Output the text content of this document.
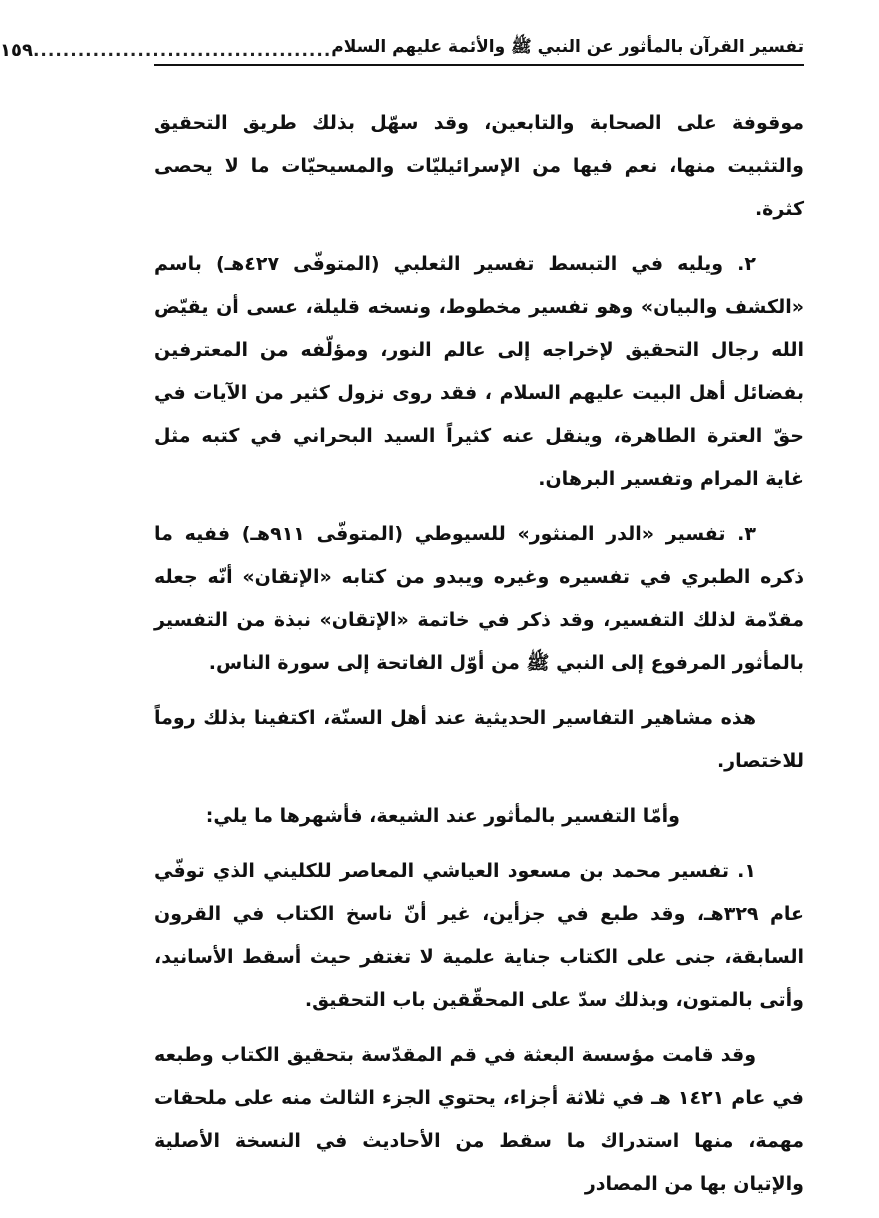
تفسير القرآن بالمأثور عن النبي ﷺ والأئمة عليهم السلام
........................................
١٥٩

موقوفة على الصحابة والتابعين، وقد سهّل بذلك طريق التحقيق والتثبيت منها، نعم فيها من الإسرائيليّات والمسيحيّات ما لا يحصى كثرة.

٢. ويليه في التبسط تفسير الثعلبي (المتوفّى ٤٢٧هـ) باسم «الكشف والبيان» وهو تفسير مخطوط، ونسخه قليلة، عسى أن يقيّض الله رجال التحقيق لإخراجه إلى عالم النور، ومؤلّفه من المعترفين بفضائل أهل البيت عليهم السلام ، فقد روى نزول كثير من الآيات في حقّ العترة الطاهرة، وينقل عنه كثيراً السيد البحراني في كتبه مثل غاية المرام وتفسير البرهان.

٣. تفسير «الدر المنثور» للسيوطي (المتوفّى ٩١١هـ) ففيه ما ذكره الطبري في تفسيره وغيره ويبدو من كتابه «الإتقان» أنّه جعله مقدّمة لذلك التفسير، وقد ذكر في خاتمة «الإتقان» نبذة من التفسير بالمأثور المرفوع إلى النبي ﷺ من أوّل الفاتحة إلى سورة الناس.

هذه مشاهير التفاسير الحديثية عند أهل السنّة، اكتفينا بذلك روماً للاختصار.

وأمّا التفسير بالمأثور عند الشيعة، فأشهرها ما يلي:

١. تفسير محمد بن مسعود العياشي المعاصر للكليني الذي توفّي عام ٣٢٩هـ، وقد طبع في جزأين، غير أنّ ناسخ الكتاب في القرون السابقة، جنى على الكتاب جناية علمية لا تغتفر حيث أسقط الأسانيد، وأتى بالمتون، وبذلك سدّ على المحقّقين باب التحقيق.

وقد قامت مؤسسة البعثة في قم المقدّسة بتحقيق الكتاب وطبعه في عام ١٤٢١ هـ في ثلاثة أجزاء، يحتوي الجزء الثالث منه على ملحقات مهمة، منها استدراك ما سقط من الأحاديث في النسخة الأصلية والإتيان بها من المصادر
